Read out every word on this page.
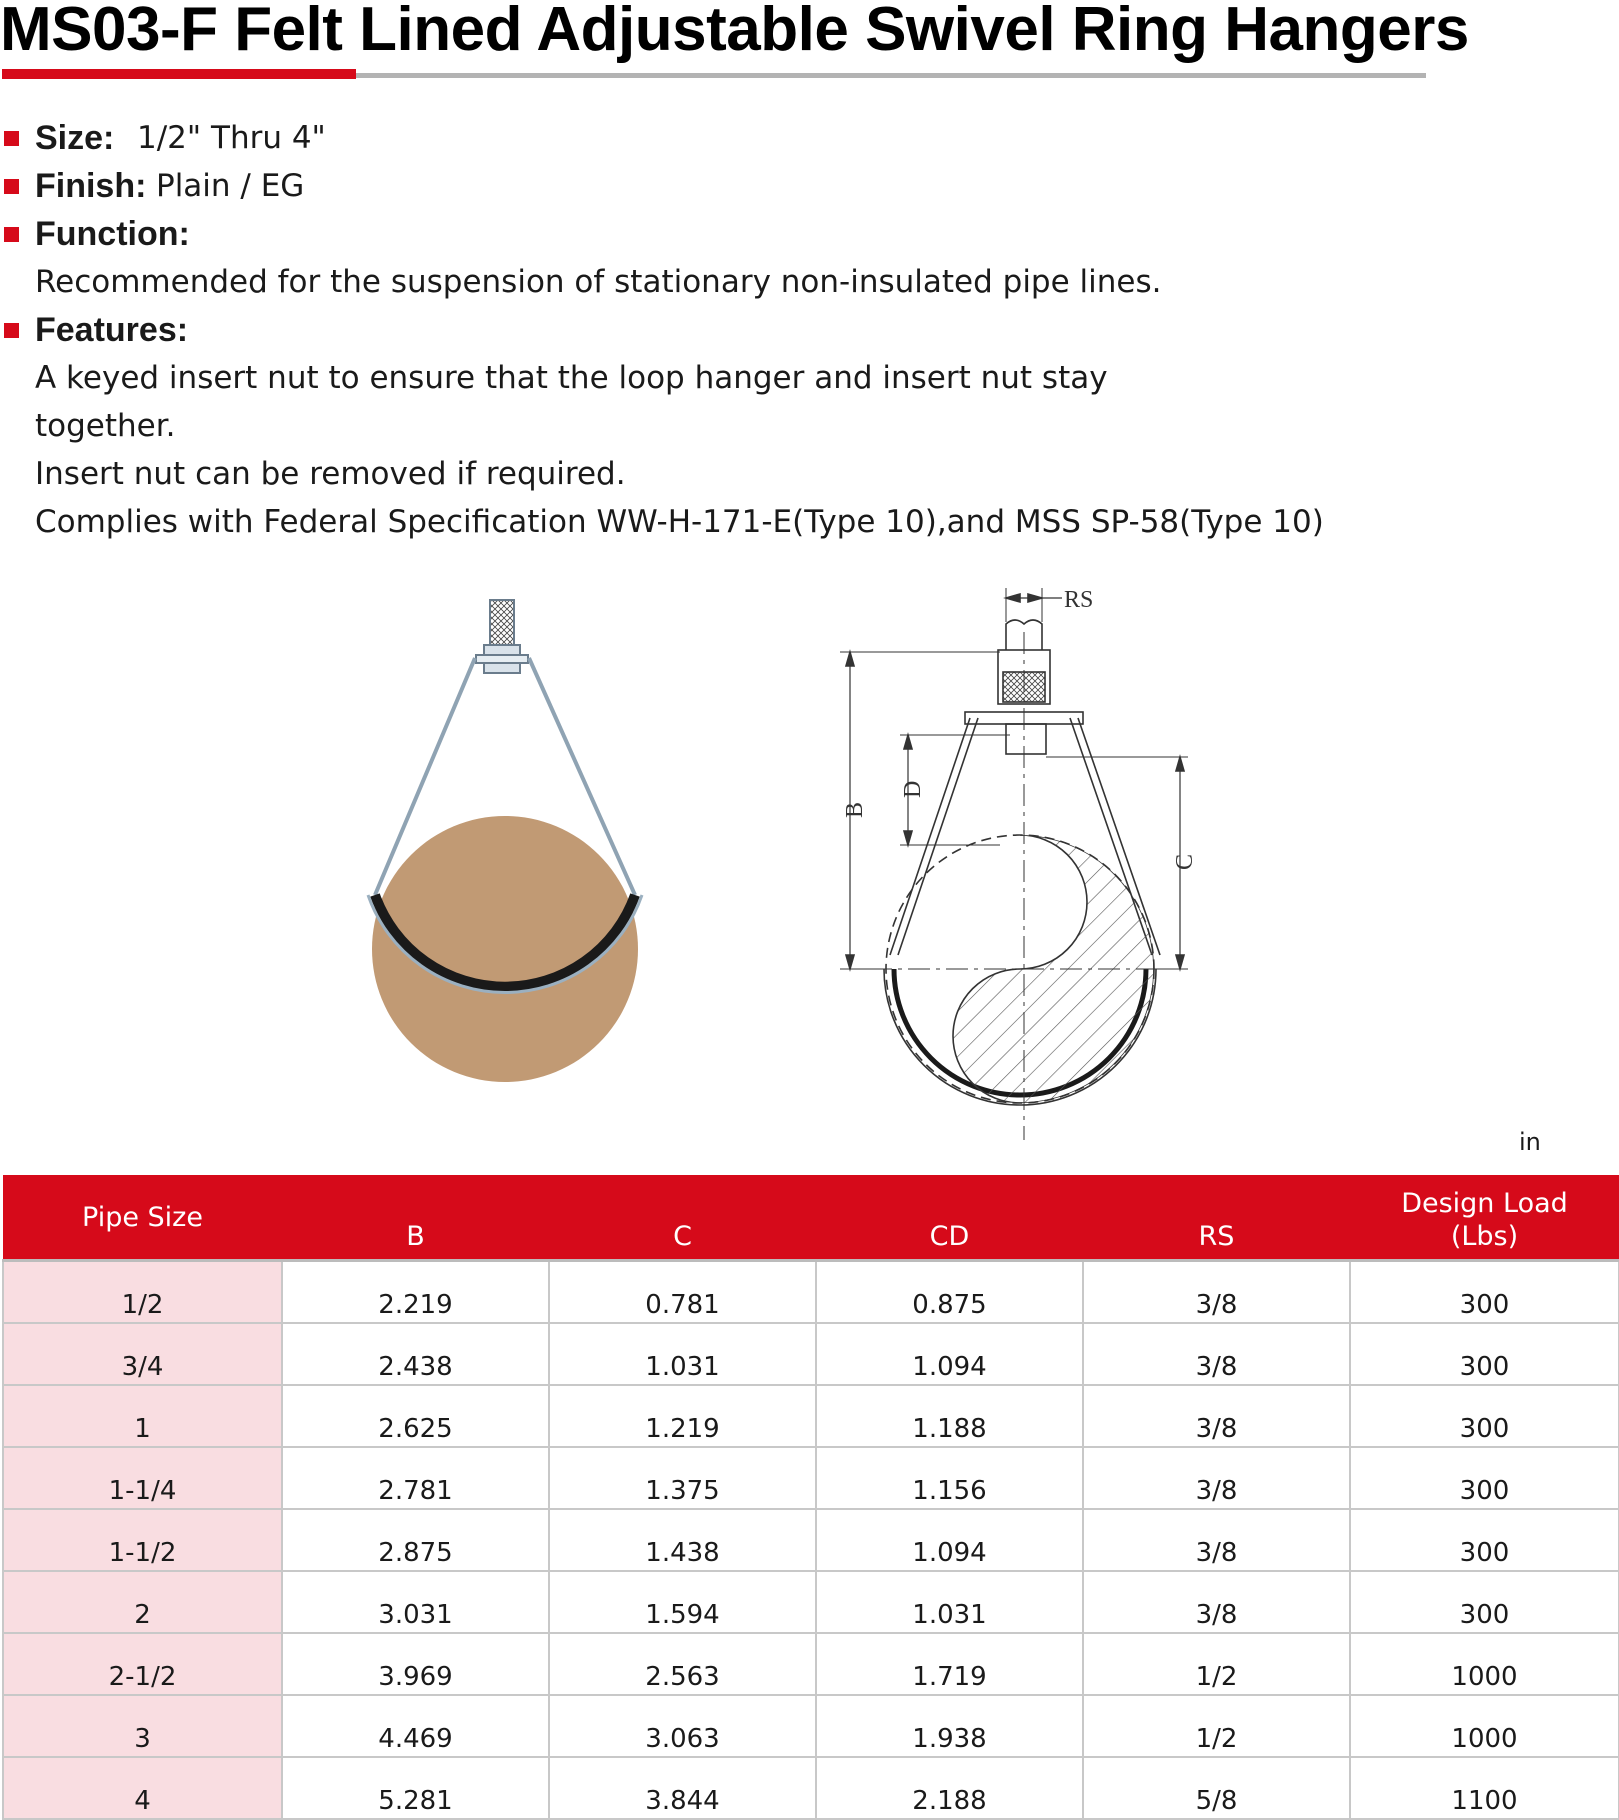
MS03-F Felt Lined Adjustable Swivel Ring Hangers
Size: 1/2" Thru 4"
Finish: Plain / EG
Function:
Recommended for the suspension of stationary non-insulated pipe lines.
Features:
A keyed insert nut to ensure that the loop hanger and insert nut stay
together.
Insert nut can be removed if required.
Complies with Federal Specification WW-H-171-E(Type 10),and MSS SP-58(Type 10)
RS
B
D
C
in
Pipe Size	B	C	CD	RS	Design Load
(Lbs)

1/2	2.219	0.781	0.875	3/8	300
3/4	2.438	1.031	1.094	3/8	300
1	2.625	1.219	1.188	3/8	300
1-1/4	2.781	1.375	1.156	3/8	300
1-1/2	2.875	1.438	1.094	3/8	300
2	3.031	1.594	1.031	3/8	300
2-1/2	3.969	2.563	1.719	1/2	1000
3	4.469	3.063	1.938	1/2	1000
4	5.281	3.844	2.188	5/8	1100
